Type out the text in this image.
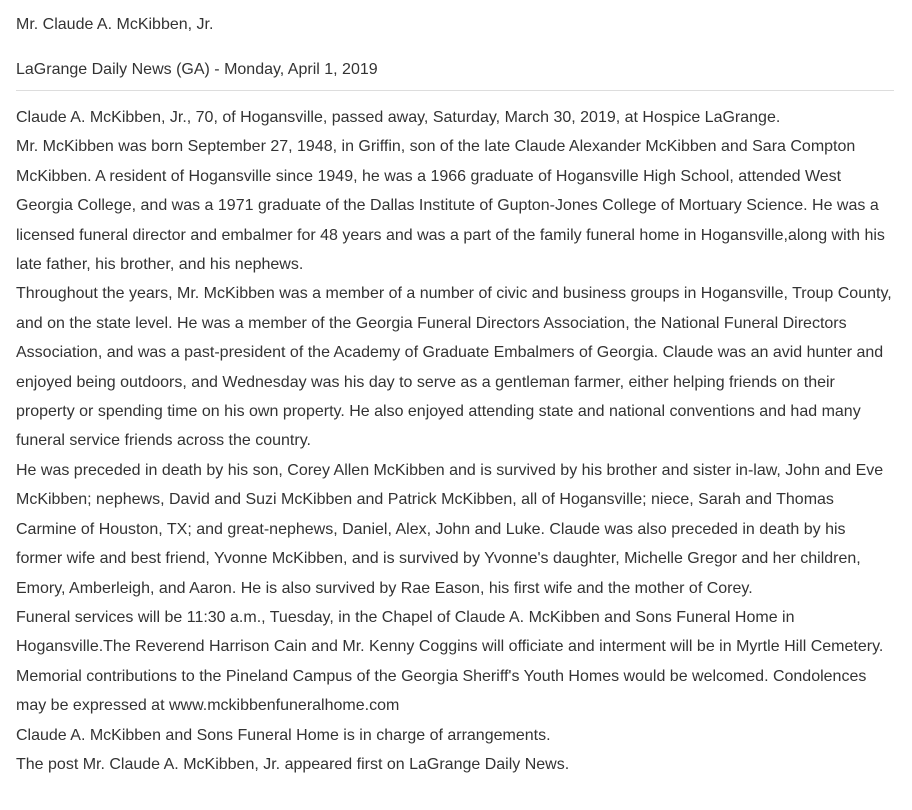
Mr. Claude A. McKibben, Jr.
LaGrange Daily News (GA) - Monday, April 1, 2019

Claude A. McKibben, Jr., 70, of Hogansville, passed away, Saturday, March 30, 2019, at Hospice LaGrange.

Mr. McKibben was born September 27, 1948, in Griffin, son of the late Claude Alexander McKibben and Sara Compton McKibben. A resident of Hogansville since 1949, he was a 1966 graduate of Hogansville High School, attended West Georgia College, and was a 1971 graduate of the Dallas Institute of Gupton-Jones College of Mortuary Science. He was a licensed funeral director and embalmer for 48 years and was a part of the family funeral home in Hogansville,along with his late father, his brother, and his nephews.

Throughout the years, Mr. McKibben was a member of a number of civic and business groups in Hogansville, Troup County, and on the state level. He was a member of the Georgia Funeral Directors Association, the National Funeral Directors Association, and was a past-president of the Academy of Graduate Embalmers of Georgia. Claude was an avid hunter and enjoyed being outdoors, and Wednesday was his day to serve as a gentleman farmer, either helping friends on their property or spending time on his own property. He also enjoyed attending state and national conventions and had many funeral service friends across the country.

He was preceded in death by his son, Corey Allen McKibben and is survived by his brother and sister in-law, John and Eve McKibben; nephews, David and Suzi McKibben and Patrick McKibben, all of Hogansville; niece, Sarah and Thomas Carmine of Houston, TX; and great-nephews, Daniel, Alex, John and Luke. Claude was also preceded in death by his former wife and best friend, Yvonne McKibben, and is survived by Yvonne's daughter, Michelle Gregor and her children, Emory, Amberleigh, and Aaron. He is also survived by Rae Eason, his first wife and the mother of Corey.

Funeral services will be 11:30 a.m., Tuesday, in the Chapel of Claude A. McKibben and Sons Funeral Home in Hogansville.The Reverend Harrison Cain and Mr. Kenny Coggins will officiate and interment will be in Myrtle Hill Cemetery.

Memorial contributions to the Pineland Campus of the Georgia Sheriff's Youth Homes would be welcomed. Condolences may be expressed at www.mckibbenfuneralhome.com

Claude A. McKibben and Sons Funeral Home is in charge of arrangements.

The post Mr. Claude A. McKibben, Jr. appeared first on LaGrange Daily News.
